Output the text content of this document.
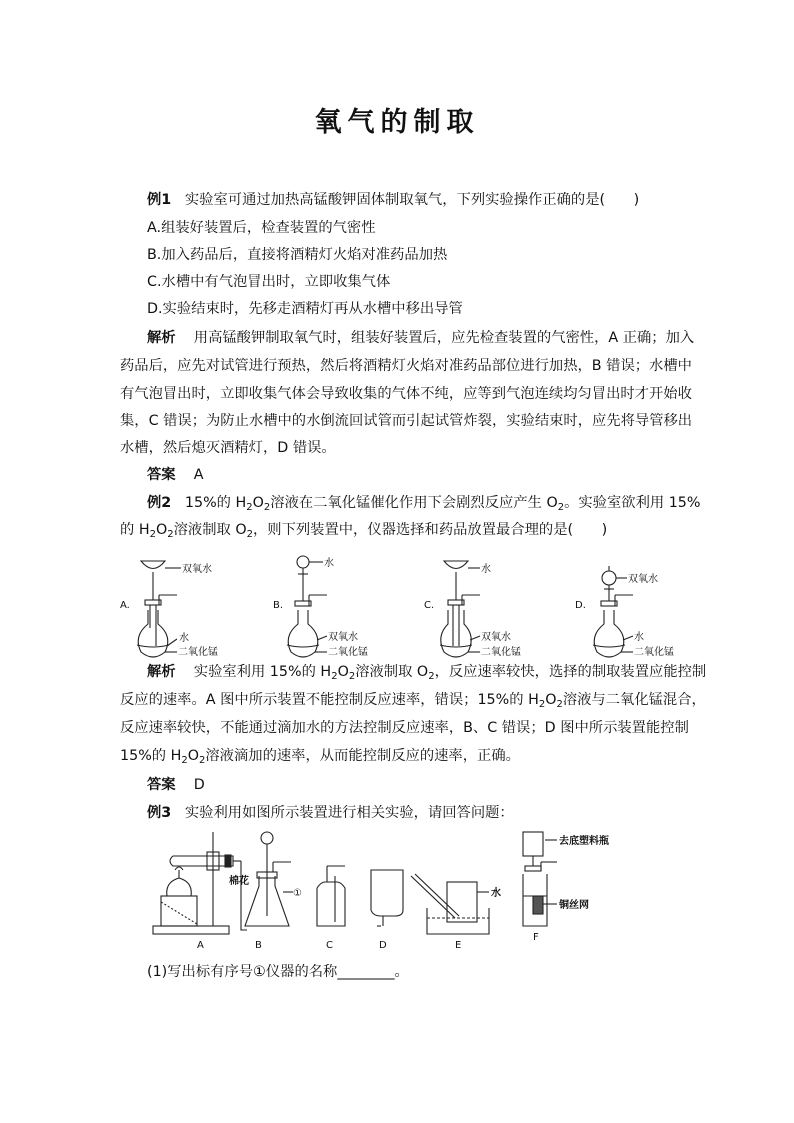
氧气的制取
例1 实验室可通过加热高锰酸钾固体制取氧气，下列实验操作正确的是(　　)
A.组装好装置后，检查装置的气密性
B.加入药品后，直接将酒精灯火焰对准药品加热
C.水槽中有气泡冒出时，立即收集气体
D.实验结束时，先移走酒精灯再从水槽中移出导管
解析 用高锰酸钾制取氧气时，组装好装置后，应先检查装置的气密性，A 正确；加入
药品后，应先对试管进行预热，然后将酒精灯火焰对准药品部位进行加热，B 错误；水槽中
有气泡冒出时，立即收集气体会导致收集的气体不纯，应等到气泡连续均匀冒出时才开始收
集，C 错误；为防止水槽中的水倒流回试管而引起试管炸裂，实验结束时，应先将导管移出
水槽，然后熄灭酒精灯，D 错误。
答案 A
例2 15%的 $H_2O_2$溶液在二氧化锰催化作用下会剧烈反应产生 $O_2$。实验室欲利用 15%
的 $H_2O_2$溶液制取 $O_2$，则下列装置中，仪器选择和药品放置最合理的是(　　)
A.
双氧水
水
二氧化锰
B.
水
双氧水
二氧化锰
C.
水
双氧水
二氧化锰
D.
双氧水
水
二氧化锰
解析 实验室利用 15%的 $H_2O_2$溶液制取 $O_2$，反应速率较快，选择的制取装置应能控制
反应的速率。A 图中所示装置不能控制反应速率，错误；15%的 $H_2O_2$溶液与二氧化锰混合，
反应速率较快，不能通过滴加水的方法控制反应速率，B、C 错误；D 图中所示装置能控制
15%的 $H_2O_2$溶液滴加的速率，从而能控制反应的速率，正确。
答案 D
例3 实验利用如图所示装置进行相关实验，请回答问题：
A	B	C	D	E
F
棉花
①	水
去底塑料瓶
铜丝网
(1)写出标有序号①仪器的名称________。
